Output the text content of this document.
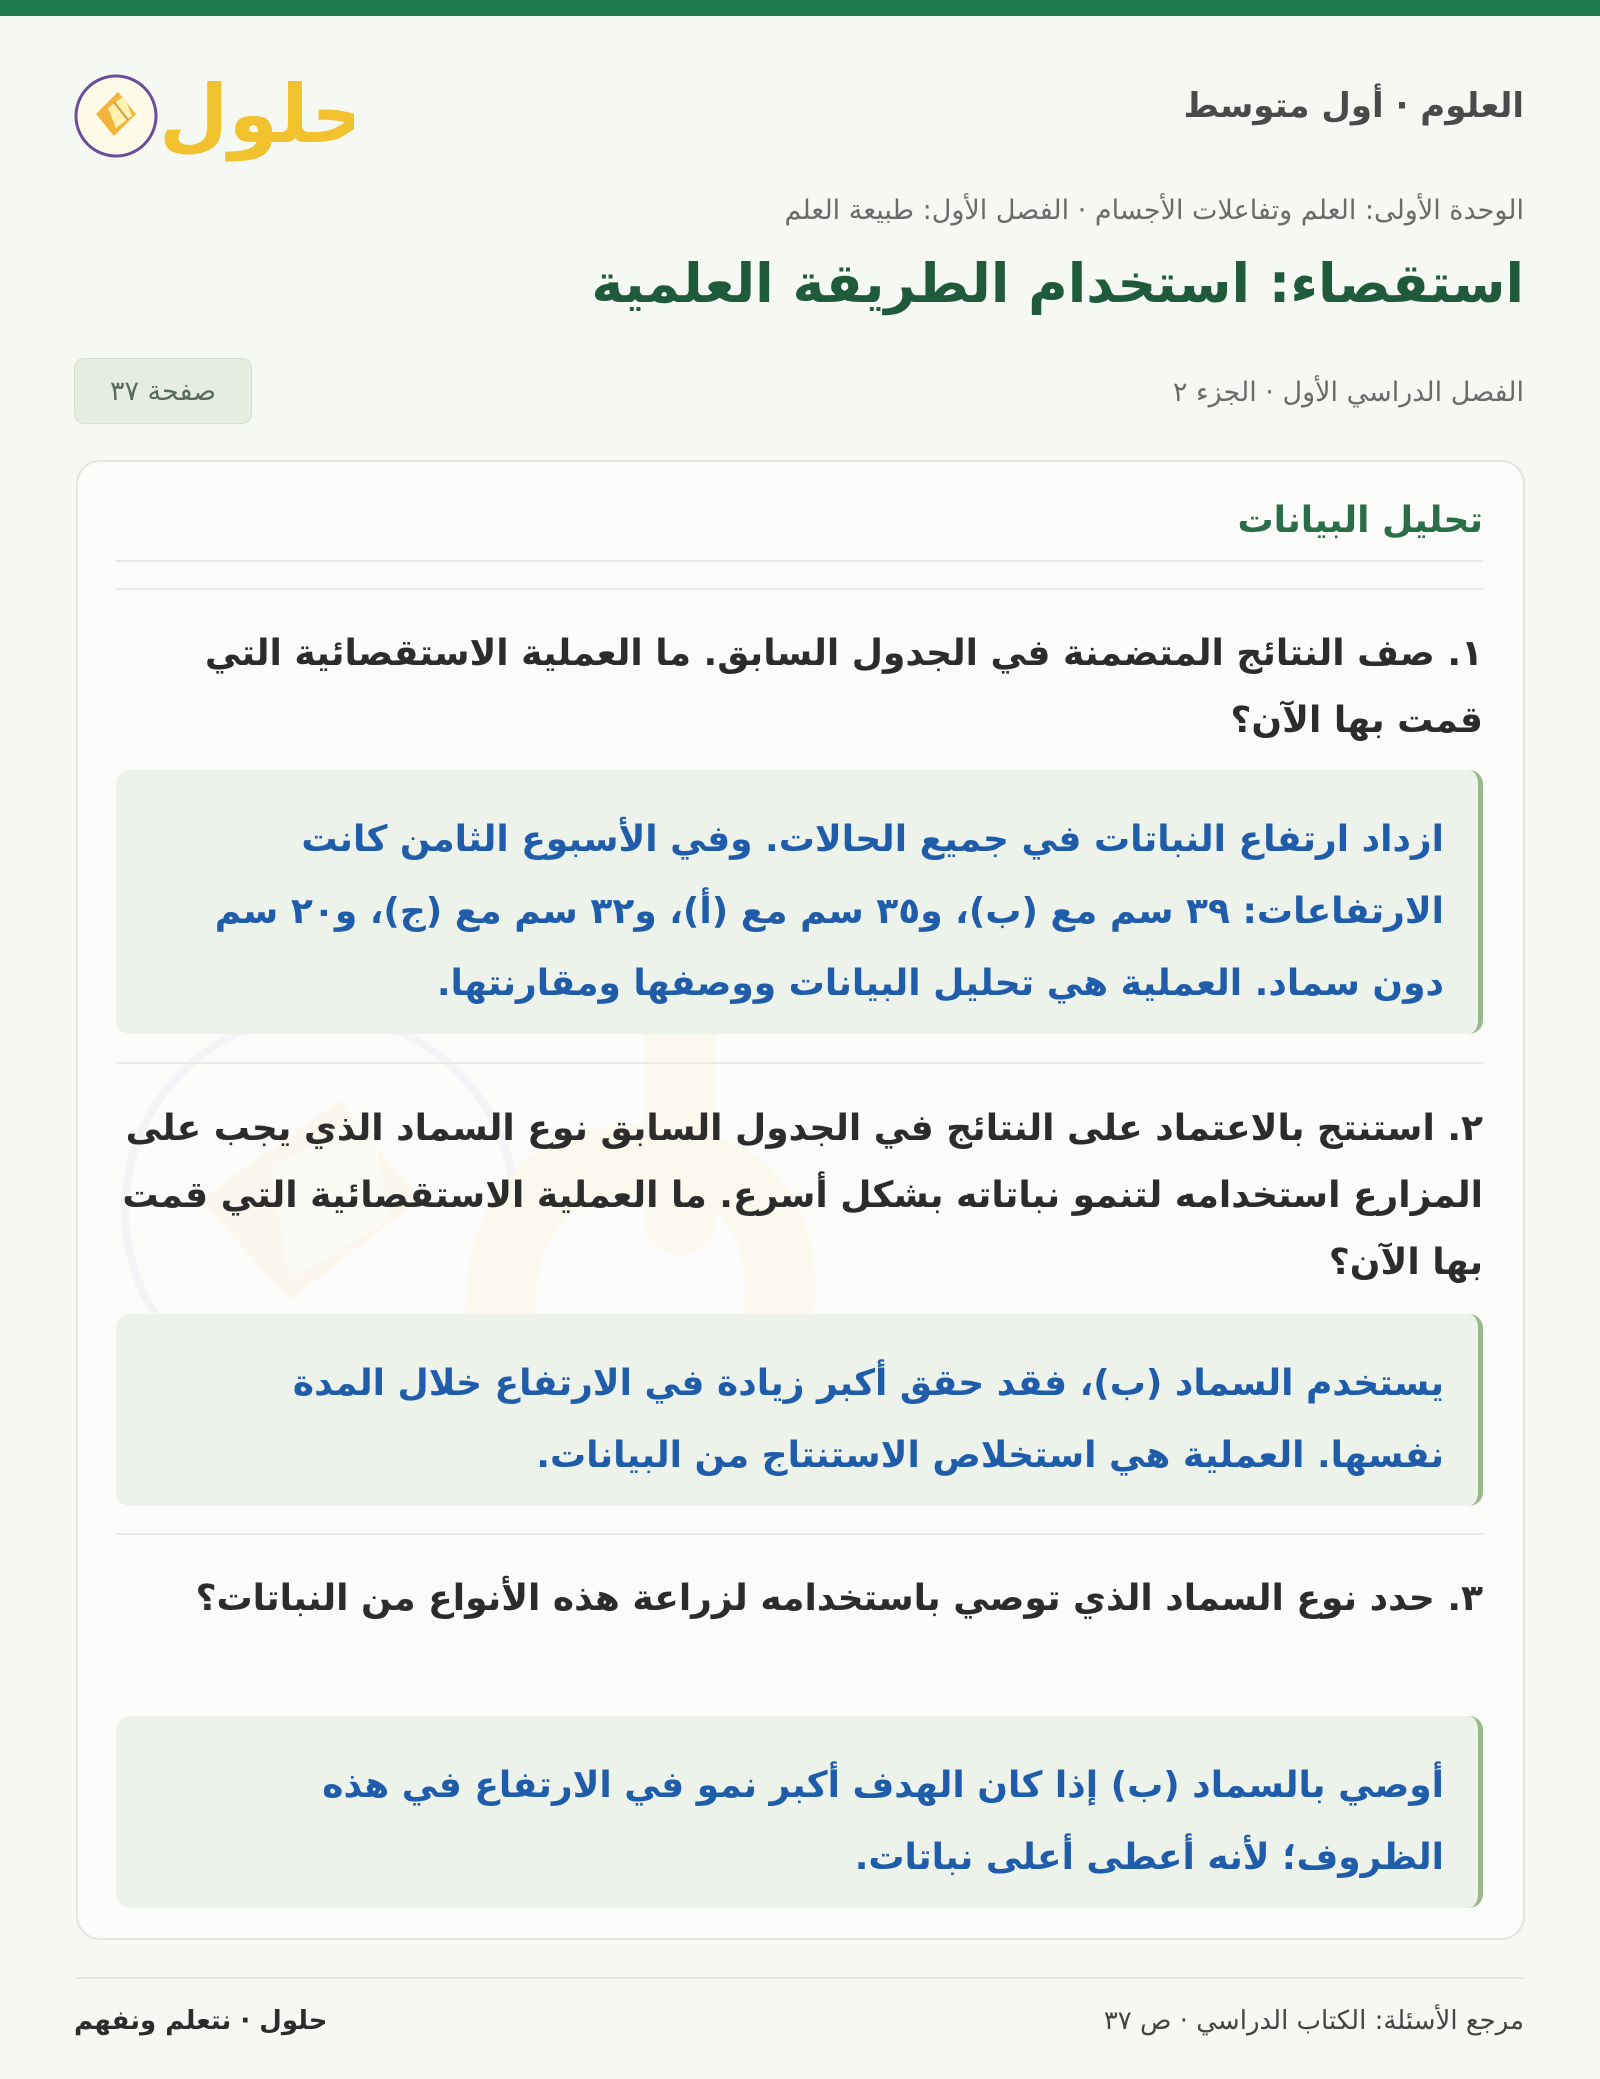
العلوم · أول متوسط
حلول
الوحدة الأولى: العلم وتفاعلات الأجسام · الفصل الأول: طبيعة العلم
استقصاء: استخدام الطريقة العلمية
الفصل الدراسي الأول · الجزء ٢
صفحة ٣٧
تحليل البيانات
١. صف النتائج المتضمنة في الجدول السابق. ما العملية الاستقصائية التي قمت بها الآن؟
ازداد ارتفاع النباتات في جميع الحالات. وفي الأسبوع الثامن كانت الارتفاعات: ٣٩ سم مع (ب)، و٣٥ سم مع (أ)، و٣٢ سم مع (ج)، و٢٠ سم دون سماد. العملية هي تحليل البيانات ووصفها ومقارنتها.
٢. استنتج بالاعتماد على النتائج في الجدول السابق نوع السماد الذي يجب على المزارع استخدامه لتنمو نباتاته بشكل أسرع. ما العملية الاستقصائية التي قمت بها الآن؟
يستخدم السماد (ب)، فقد حقق أكبر زيادة في الارتفاع خلال المدة نفسها. العملية هي استخلاص الاستنتاج من البيانات.
٣. حدد نوع السماد الذي توصي باستخدامه لزراعة هذه الأنواع من النباتات؟
أوصي بالسماد (ب) إذا كان الهدف أكبر نمو في الارتفاع في هذه الظروف؛ لأنه أعطى أعلى نباتات.
مرجع الأسئلة: الكتاب الدراسي · ص ٣٧
حلول · نتعلم ونفهم
